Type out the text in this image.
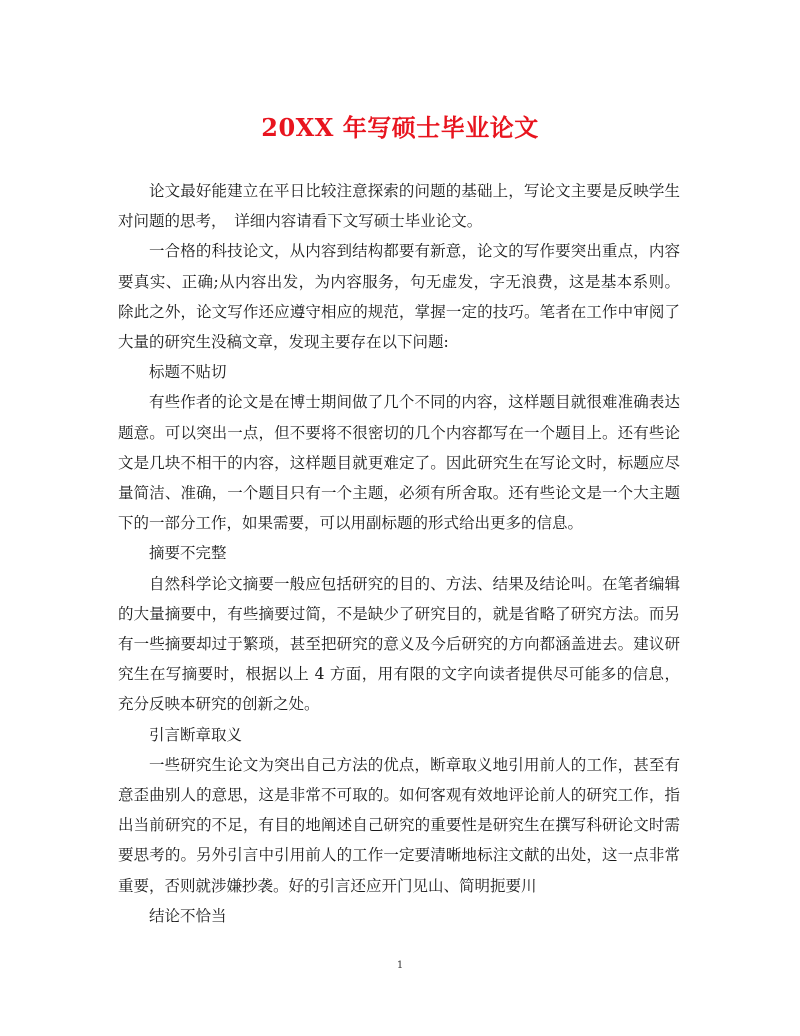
20XX 年写硕士毕业论文

论文最好能建立在平日比较注意探索的问题的基础上，写论文主要是反映学生对问题的思考，　详细内容请看下文写硕士毕业论文。

一合格的科技论文，从内容到结构都要有新意，论文的写作要突出重点，内容要真实、正确;从内容出发，为内容服务，句无虚发，字无浪费，这是基本系则。除此之外，论文写作还应遵守相应的规范，掌握一定的技巧。笔者在工作中审阅了大量的研究生没稿文章，发现主要存在以下问题:

标题不贴切

有些作者的论文是在博士期间做了几个不同的内容，这样题目就很难准确表达题意。可以突出一点，但不要将不很密切的几个内容都写在一个题目上。还有些论文是几块不相干的内容，这样题目就更难定了。因此研究生在写论文时，标题应尽量简洁、准确，一个题目只有一个主题，必须有所舍取。还有些论文是一个大主题下的一部分工作，如果需要，可以用副标题的形式给出更多的信息。

摘要不完整

自然科学论文摘要一般应包括研究的目的、方法、结果及结论叫。在笔者编辑的大量摘要中，有些摘要过简，不是缺少了研究目的，就是省略了研究方法。而另有一些摘要却过于繁琐，甚至把研究的意义及今后研究的方向都涵盖进去。建议研究生在写摘要时，根据以上 4 方面，用有限的文字向读者提供尽可能多的信息，充分反映本研究的创新之处。

引言断章取义

一些研究生论文为突出自己方法的优点，断章取义地引用前人的工作，甚至有意歪曲别人的意思，这是非常不可取的。如何客观有效地评论前人的研究工作，指出当前研究的不足，有目的地阐述自己研究的重要性是研究生在撰写科研论文时需要思考的。另外引言中引用前人的工作一定要清晰地标注文献的出处，这一点非常重要，否则就涉嫌抄袭。好的引言还应开门见山、简明扼要川

结论不恰当

1
